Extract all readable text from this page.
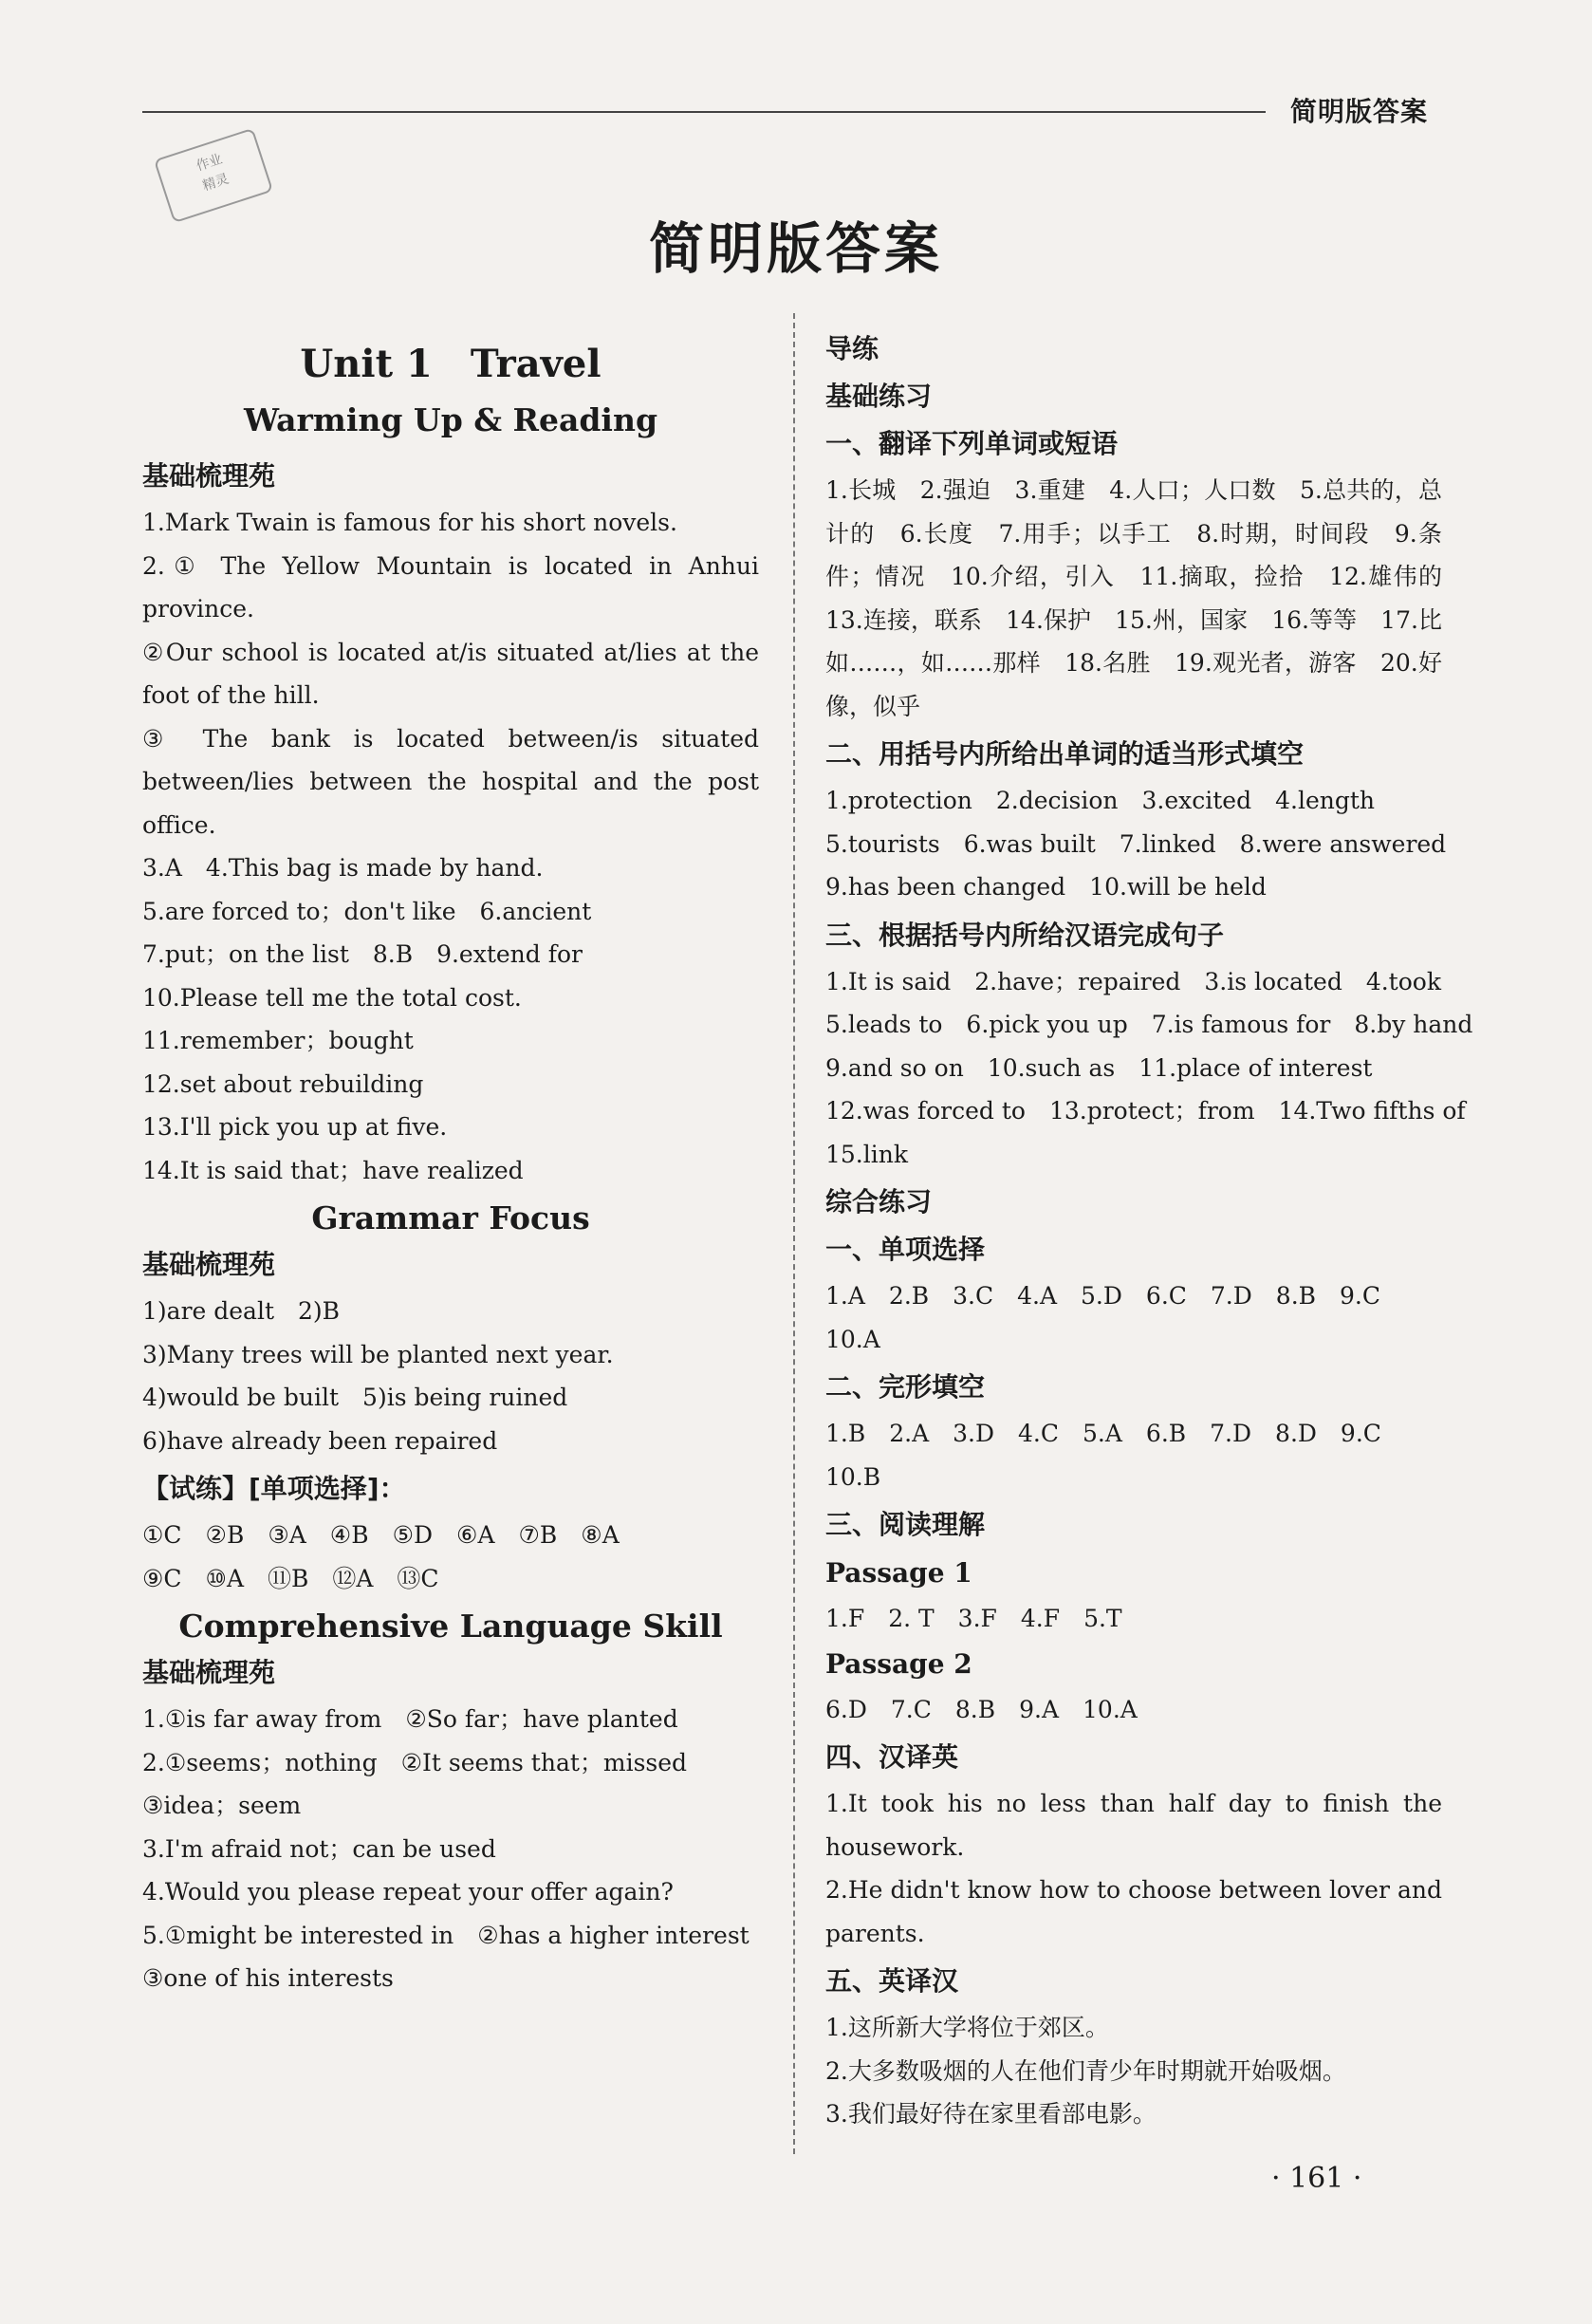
简明版答案
作业
精灵
简明版答案
Unit 1　Travel
Warming Up & Reading
基础梳理苑
1.Mark Twain is famous for his short novels.
2.① The Yellow Mountain is located in Anhui province.
②Our school is located at/is situated at/lies at the foot of the hill.
③ The bank is located between/is situated between/lies between the hospital and the post office.
3.A　4.This bag is made by hand.
5.are forced to；don't like　6.ancient
7.put；on the list　8.B　9.extend for
10.Please tell me the total cost.
11.remember；bought
12.set about rebuilding
13.I'll pick you up at five.
14.It is said that；have realized
Grammar Focus
基础梳理苑
1)are dealt　2)B
3)Many trees will be planted next year.
4)would be built　5)is being ruined
6)have already been repaired
【试练】[单项选择]：
①C　②B　③A　④B　⑤D　⑥A　⑦B　⑧A
⑨C　⑩A　⑪B　⑫A　⑬C
Comprehensive Language Skill
基础梳理苑
1.①is far away from　②So far；have planted
2.①seems；nothing　②It seems that；missed
③idea；seem
3.I'm afraid not；can be used
4.Would you please repeat your offer again?
5.①might be interested in　②has a higher interest
③one of his interests
导练
基础练习
一、翻译下列单词或短语
1.长城　2.强迫　3.重建　4.人口；人口数　5.总共的，总计的　6.长度　7.用手；以手工　8.时期，时间段　9.条件；情况　10.介绍，引入　11.摘取，捡拾　12.雄伟的　13.连接，联系　14.保护　15.州，国家　16.等等　17.比如……，如……那样　18.名胜　19.观光者，游客　20.好像，似乎
二、用括号内所给出单词的适当形式填空
1.protection　2.decision　3.excited　4.length
5.tourists　6.was built　7.linked　8.were answered
9.has been changed　10.will be held
三、根据括号内所给汉语完成句子
1.It is said　2.have；repaired　3.is located　4.took
5.leads to　6.pick you up　7.is famous for　8.by hand
9.and so on　10.such as　11.place of interest
12.was forced to　13.protect；from　14.Two fifths of
15.link
综合练习
一、单项选择
1.A　2.B　3.C　4.A　5.D　6.C　7.D　8.B　9.C
10.A
二、完形填空
1.B　2.A　3.D　4.C　5.A　6.B　7.D　8.D　9.C
10.B
三、阅读理解
Passage 1
1.F　2. T　3.F　4.F　5.T
Passage 2
6.D　7.C　8.B　9.A　10.A
四、汉译英
1.It took his no less than half day to finish the housework.
2.He didn't know how to choose between lover and parents.
五、英译汉
1.这所新大学将位于郊区。
2.大多数吸烟的人在他们青少年时期就开始吸烟。
3.我们最好待在家里看部电影。
· 161 ·
